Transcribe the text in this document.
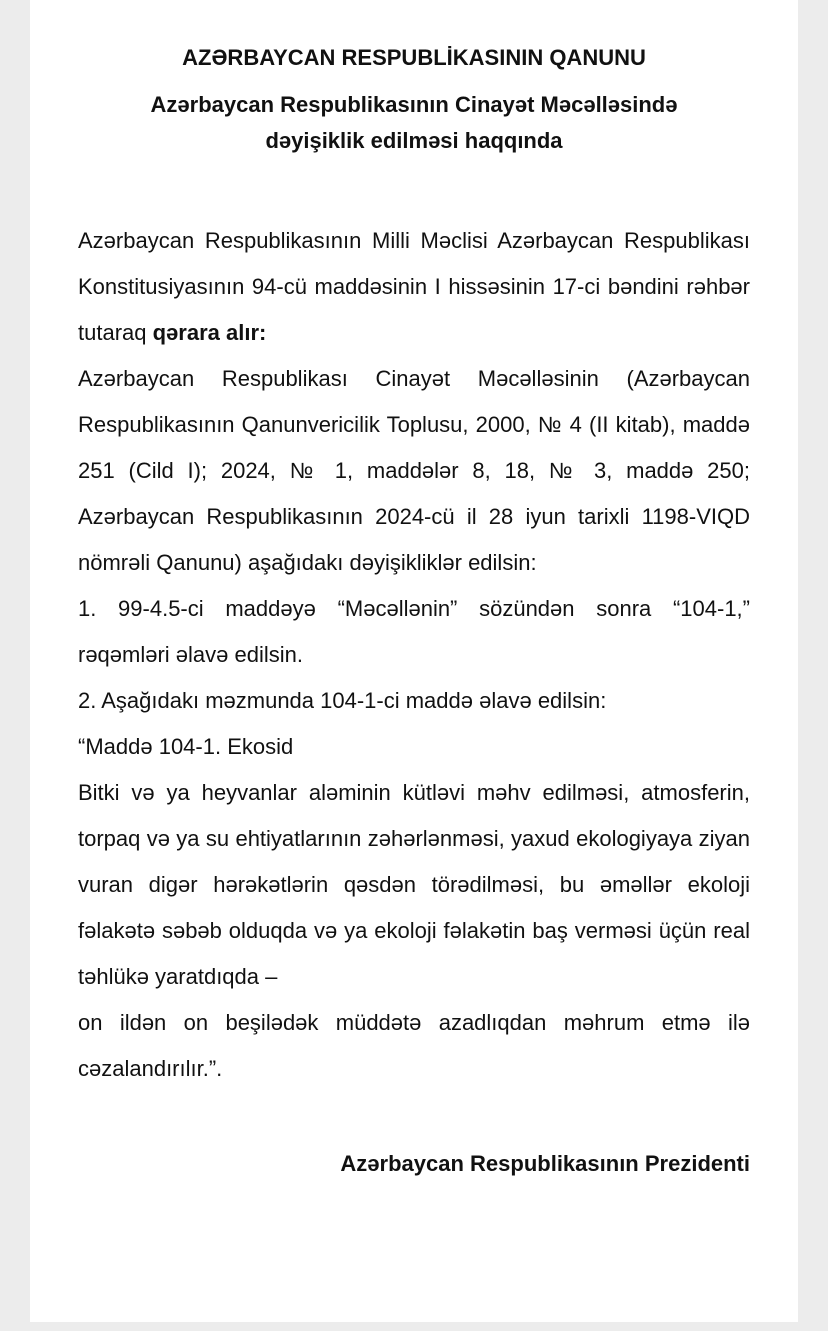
AZƏRBAYCAN RESPUBLİKASININ QANUNU

Azərbaycan Respublikasının Cinayət Məcəlləsində
dəyişiklik edilməsi haqqında

Azərbaycan Respublikasının Milli Məclisi Azərbaycan Respublikası Konstitusiyasının 94-cü maddəsinin I hissəsinin 17-ci bəndini rəhbər tutaraq qərara alır:

Azərbaycan Respublikası Cinayət Məcəlləsinin (Azərbaycan Respublikasının Qanunvericilik Toplusu, 2000, № 4 (II kitab), maddə 251 (Cild I); 2024, № 1, maddələr 8, 18, № 3, maddə 250; Azərbaycan Respublikasının 2024-cü il 28 iyun tarixli 1198-VIQD nömrəli Qanunu) aşağıdakı dəyişikliklər edilsin:

1. 99-4.5-ci maddəyə “Məcəllənin” sözündən sonra “104-1,” rəqəmləri əlavə edilsin.

2. Aşağıdakı məzmunda 104-1-ci maddə əlavə edilsin:

“Maddə 104-1. Ekosid

Bitki və ya heyvanlar aləminin kütləvi məhv edilməsi, atmosferin, torpaq və ya su ehtiyatlarının zəhərlənməsi, yaxud ekologiyaya ziyan vuran digər hərəkətlərin qəsdən törədilməsi, bu əməllər ekoloji fəlakətə səbəb olduqda və ya ekoloji fəlakətin baş verməsi üçün real təhlükə yaratdıqda –

on ildən on beşilədək müddətə azadlıqdan məhrum etmə ilə cəzalandırılır.”.

Azərbaycan Respublikasının Prezidenti
